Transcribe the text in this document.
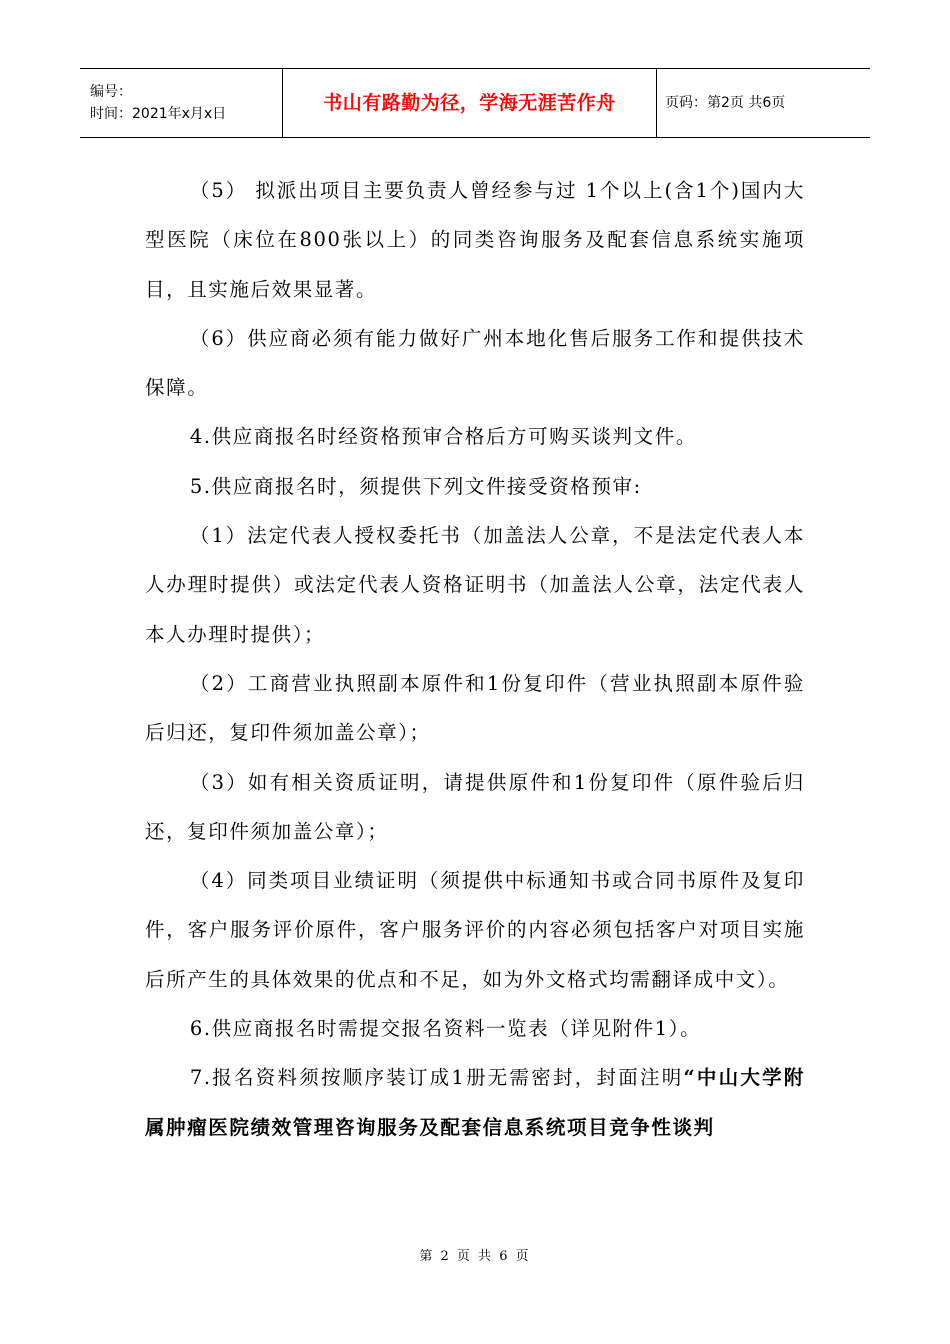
编号：
时间：2021年x月x日	书山有路勤为径，学海无涯苦作舟	页码：第2页 共6页

（5） 拟派出项目主要负责人曾经参与过 1个以上(含1个)国内大型医院（床位在800张以上）的同类咨询服务及配套信息系统实施项目，且实施后效果显著。

（6）供应商必须有能力做好广州本地化售后服务工作和提供技术保障。

4.供应商报名时经资格预审合格后方可购买谈判文件。

5.供应商报名时，须提供下列文件接受资格预审:

（1）法定代表人授权委托书（加盖法人公章，不是法定代表人本人办理时提供）或法定代表人资格证明书（加盖法人公章，法定代表人本人办理时提供）；

（2）工商营业执照副本原件和1份复印件（营业执照副本原件验后归还，复印件须加盖公章）；

（3）如有相关资质证明，请提供原件和1份复印件（原件验后归还，复印件须加盖公章）；

（4）同类项目业绩证明（须提供中标通知书或合同书原件及复印件，客户服务评价原件，客户服务评价的内容必须包括客户对项目实施后所产生的具体效果的优点和不足，如为外文格式均需翻译成中文）。

6.供应商报名时需提交报名资料一览表（详见附件1）。

7.报名资料须按顺序装订成1册无需密封，封面注明“中山大学附属肿瘤医院绩效管理咨询服务及配套信息系统项目竞争性谈判

第 2 页 共 6 页
